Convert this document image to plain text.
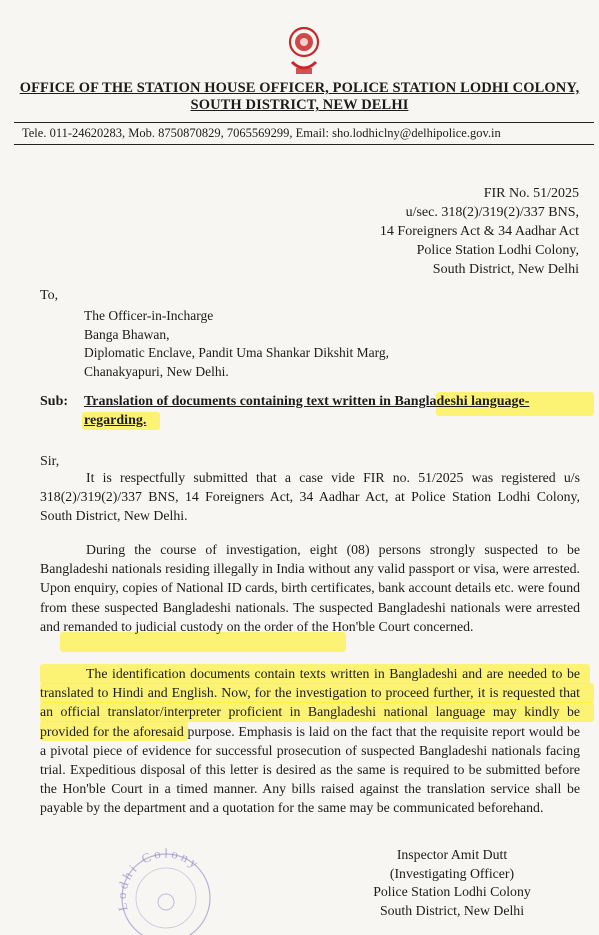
OFFICE OF THE STATION HOUSE OFFICER, POLICE STATION LODHI COLONY,
SOUTH DISTRICT, NEW DELHI
Tele. 011-24620283, Mob. 8750870829, 7065569299, Email: sho.lodhiclny@delhipolice.gov.in
FIR No. 51/2025
u/sec. 318(2)/319(2)/337 BNS,
14 Foreigners Act & 34 Aadhar Act
Police Station Lodhi Colony,
South District, New Delhi
To,
The Officer-in-Incharge
Banga Bhawan,
Diplomatic Enclave, Pandit Uma Shankar Dikshit Marg,
Chanakyapuri, New Delhi.
Sub: Translation of documents containing text written in Bangladeshi language-regarding.
Sir,
It is respectfully submitted that a case vide FIR no. 51/2025 was registered u/s 318(2)/319(2)/337 BNS, 14 Foreigners Act, 34 Aadhar Act, at Police Station Lodhi Colony, South District, New Delhi.
During the course of investigation, eight (08) persons strongly suspected to be Bangladeshi nationals residing illegally in India without any valid passport or visa, were arrested. Upon enquiry, copies of National ID cards, birth certificates, bank account details etc. were found from these suspected Bangladeshi nationals. The suspected Bangladeshi nationals were arrested and remanded to judicial custody on the order of the Hon'ble Court concerned.
The identification documents contain texts written in Bangladeshi and are needed to be translated to Hindi and English. Now, for the investigation to proceed further, it is requested that an official translator/interpreter proficient in Bangladeshi national language may kindly be provided for the aforesaid purpose. Emphasis is laid on the fact that the requisite report would be a pivotal piece of evidence for successful prosecution of suspected Bangladeshi nationals facing trial. Expeditious disposal of this letter is desired as the same is required to be submitted before the Hon'ble Court in a timed manner. Any bills raised against the translation service shall be payable by the department and a quotation for the same may be communicated beforehand.
Lodhi Colony
Inspector Amit Dutt
(Investigating Officer)
Police Station Lodhi Colony
South District, New Delhi
